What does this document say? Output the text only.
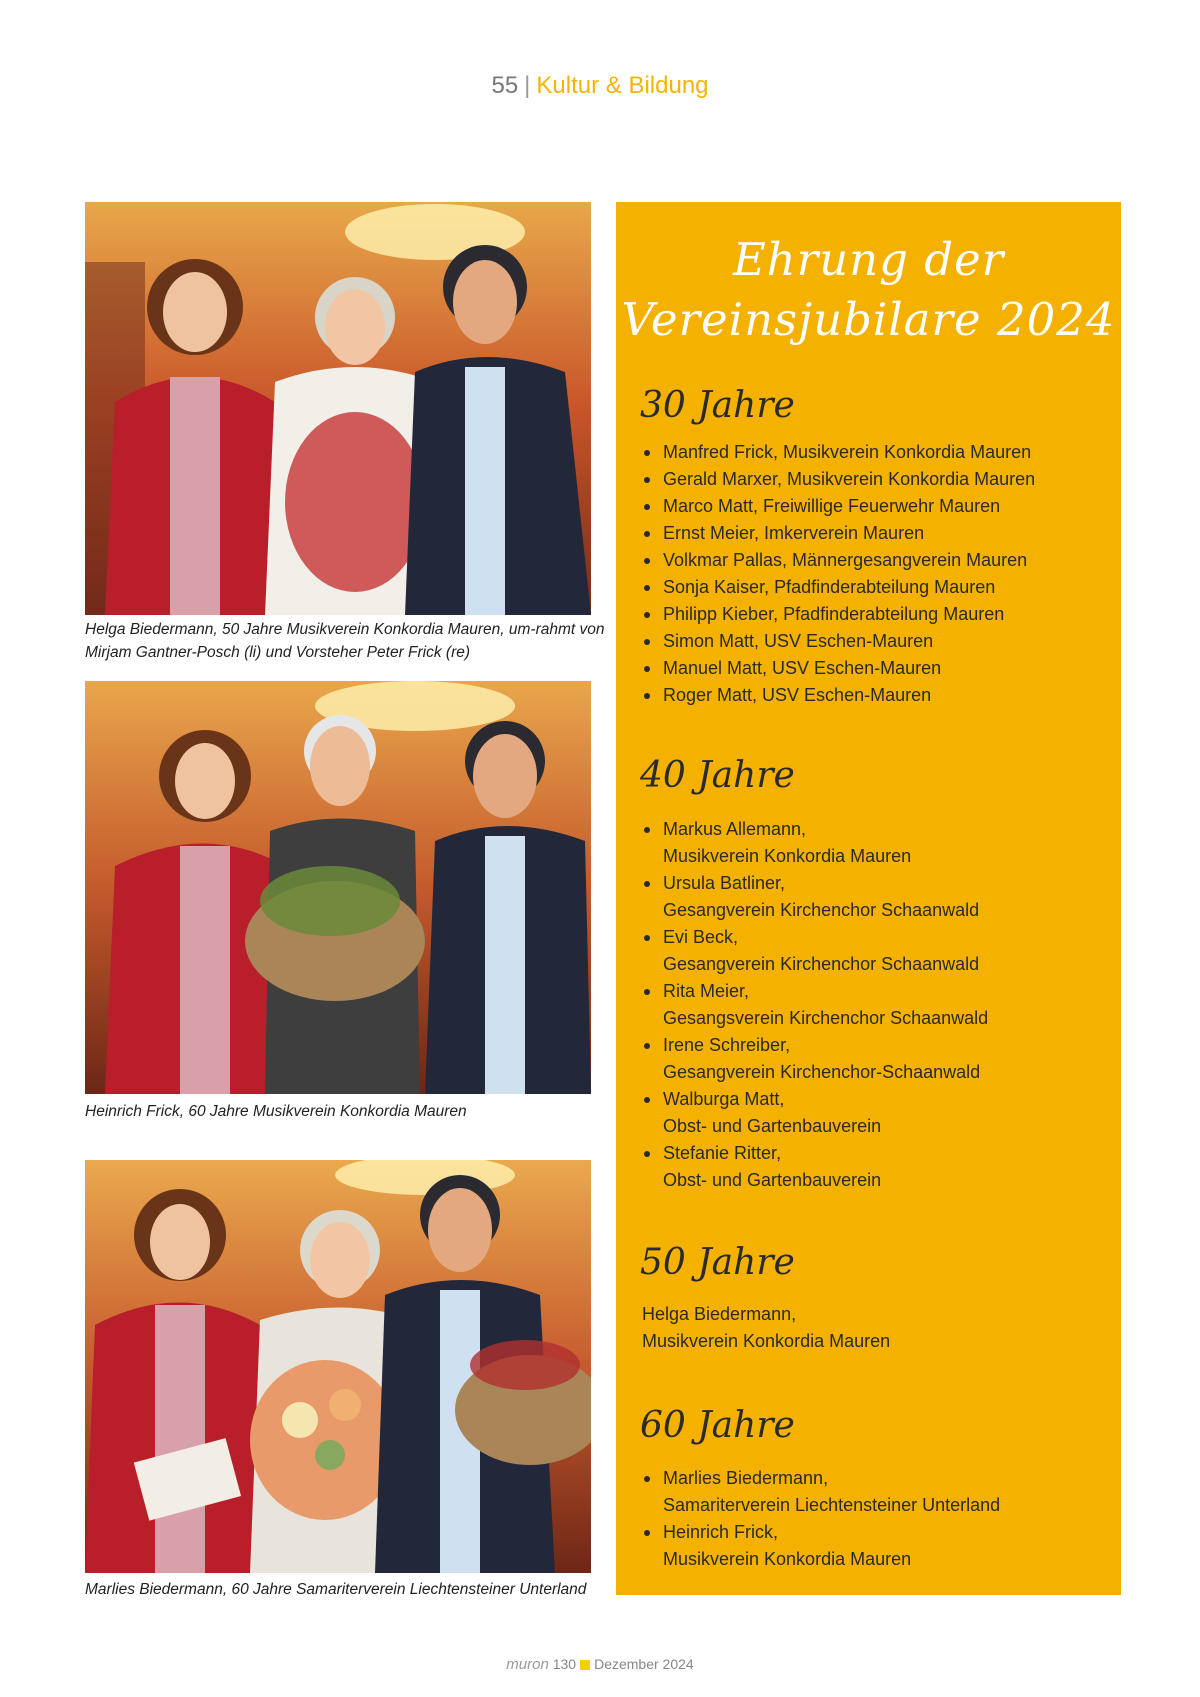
55 | Kultur & Bildung
Helga Biedermann, 50 Jahre Musikverein Konkordia Mauren, um-rahmt von Mirjam Gantner-Posch (li) und Vorsteher Peter Frick (re)
Heinrich Frick, 60 Jahre Musikverein Konkordia Mauren
Marlies Biedermann, 60 Jahre Samariterverein Liechtensteiner Unterland
Ehrung der
Vereinsjubilare 2024
30 Jahre
Manfred Frick, Musikverein Konkordia Mauren
Gerald Marxer, Musikverein Konkordia Mauren
Marco Matt, Freiwillige Feuerwehr Mauren
Ernst Meier, Imkerverein Mauren
Volkmar Pallas, Männergesangverein Mauren
Sonja Kaiser, Pfadfinderabteilung Mauren
Philipp Kieber, Pfadfinderabteilung Mauren
Simon Matt, USV Eschen-Mauren
Manuel Matt, USV Eschen-Mauren
Roger Matt, USV Eschen-Mauren
40 Jahre
Markus Allemann,
Musikverein Konkordia Mauren
Ursula Batliner,
Gesangverein Kirchenchor Schaanwald
Evi Beck,
Gesangverein Kirchenchor Schaanwald
Rita Meier,
Gesangsverein Kirchenchor Schaanwald
Irene Schreiber,
Gesangverein Kirchenchor-Schaanwald
Walburga Matt,
Obst- und Gartenbauverein
Stefanie Ritter,
Obst- und Gartenbauverein
50 Jahre
Helga Biedermann,
Musikverein Konkordia Mauren
60 Jahre
Marlies Biedermann,
Samariterverein Liechtensteiner Unterland
Heinrich Frick,
Musikverein Konkordia Mauren
muron 130 Dezember 2024
